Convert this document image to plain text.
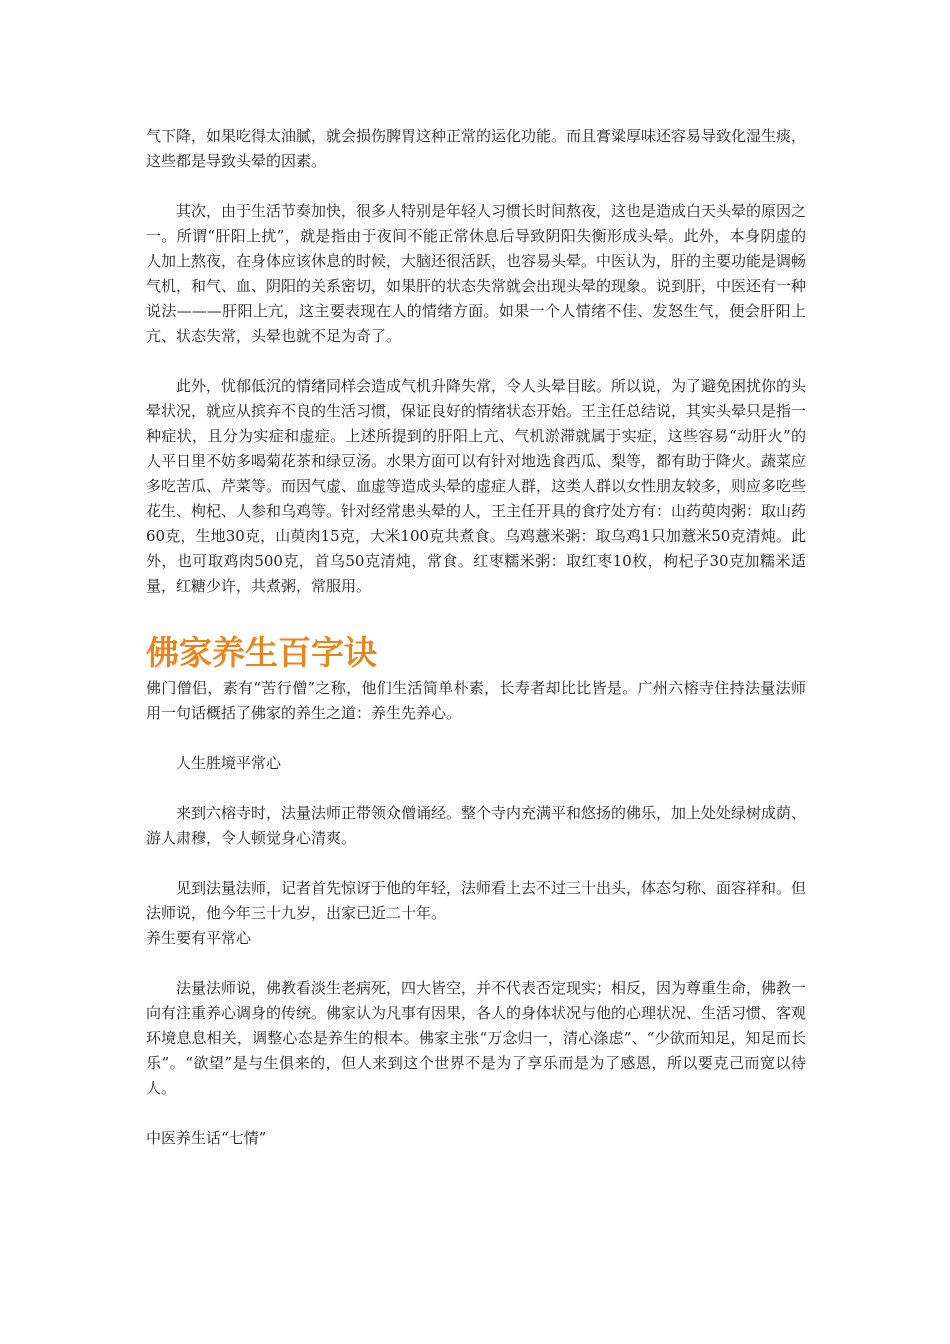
气下降，如果吃得太油腻，就会损伤脾胃这种正常的运化功能。而且膏粱厚味还容易导致化湿生痰，这些都是导致头晕的因素。

其次，由于生活节奏加快，很多人特别是年轻人习惯长时间熬夜，这也是造成白天头晕的原因之一。所谓“肝阳上扰”，就是指由于夜间不能正常休息后导致阴阳失衡形成头晕。此外，本身阴虚的人加上熬夜，在身体应该休息的时候，大脑还很活跃，也容易头晕。中医认为，肝的主要功能是调畅气机，和气、血、阴阳的关系密切，如果肝的状态失常就会出现头晕的现象。说到肝，中医还有一种说法———肝阳上亢，这主要表现在人的情绪方面。如果一个人情绪不佳、发怒生气，便会肝阳上亢、状态失常，头晕也就不足为奇了。

此外，忧郁低沉的情绪同样会造成气机升降失常，令人头晕目眩。所以说，为了避免困扰你的头晕状况，就应从摈弃不良的生活习惯，保证良好的情绪状态开始。王主任总结说，其实头晕只是指一种症状，且分为实症和虚症。上述所提到的肝阳上亢、气机淤滞就属于实症，这些容易“动肝火”的人平日里不妨多喝菊花茶和绿豆汤。水果方面可以有针对地选食西瓜、梨等，都有助于降火。蔬菜应多吃苦瓜、芹菜等。而因气虚、血虚等造成头晕的虚症人群，这类人群以女性朋友较多，则应多吃些花生、枸杞、人参和乌鸡等。针对经常患头晕的人，王主任开具的食疗处方有：山药萸肉粥：取山药60克，生地30克，山萸肉15克，大米100克共煮食。乌鸡薏米粥：取乌鸡1只加薏米50克清炖。此外，也可取鸡肉500克，首乌50克清炖，常食。红枣糯米粥：取红枣10枚，枸杞子30克加糯米适量，红糖少许，共煮粥，常服用。

佛家养生百字诀

佛门僧侣，素有“苦行僧”之称，他们生活简单朴素，长寿者却比比皆是。广州六榕寺住持法量法师用一句话概括了佛家的养生之道：养生先养心。

人生胜境平常心

来到六榕寺时，法量法师正带领众僧诵经。整个寺内充满平和悠扬的佛乐，加上处处绿树成荫、游人肃穆，令人顿觉身心清爽。

见到法量法师，记者首先惊讶于他的年轻，法师看上去不过三十出头，体态匀称、面容祥和。但法师说，他今年三十九岁，出家已近二十年。

养生要有平常心

法量法师说，佛教看淡生老病死，四大皆空，并不代表否定现实；相反，因为尊重生命，佛教一向有注重养心调身的传统。佛家认为凡事有因果，各人的身体状况与他的心理状况、生活习惯、客观环境息息相关，调整心态是养生的根本。佛家主张“万念归一，清心涤虑”、“少欲而知足，知足而长乐”。“欲望”是与生俱来的，但人来到这个世界不是为了享乐而是为了感恩，所以要克己而宽以待人。

中医养生话“七情”
